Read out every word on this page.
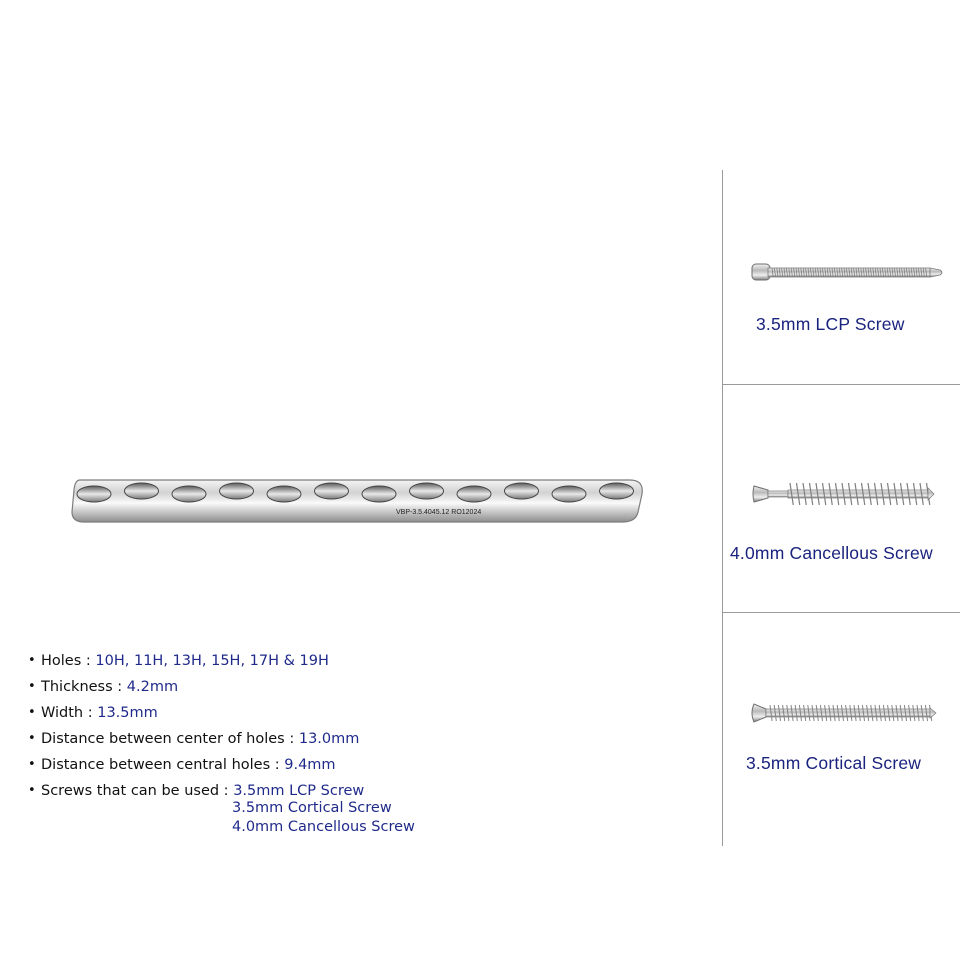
VBP-3.5.4045.12 RO12024
• Holes : 10H, 11H, 13H, 15H, 17H & 19H
• Thickness : 4.2mm
• Width : 13.5mm
• Distance between center of holes : 13.0mm
• Distance between central holes : 9.4mm
• Screws that can be used : 3.5mm LCP Screw
3.5mm Cortical Screw
4.0mm Cancellous Screw
3.5mm LCP Screw
4.0mm Cancellous Screw
3.5mm Cortical Screw
